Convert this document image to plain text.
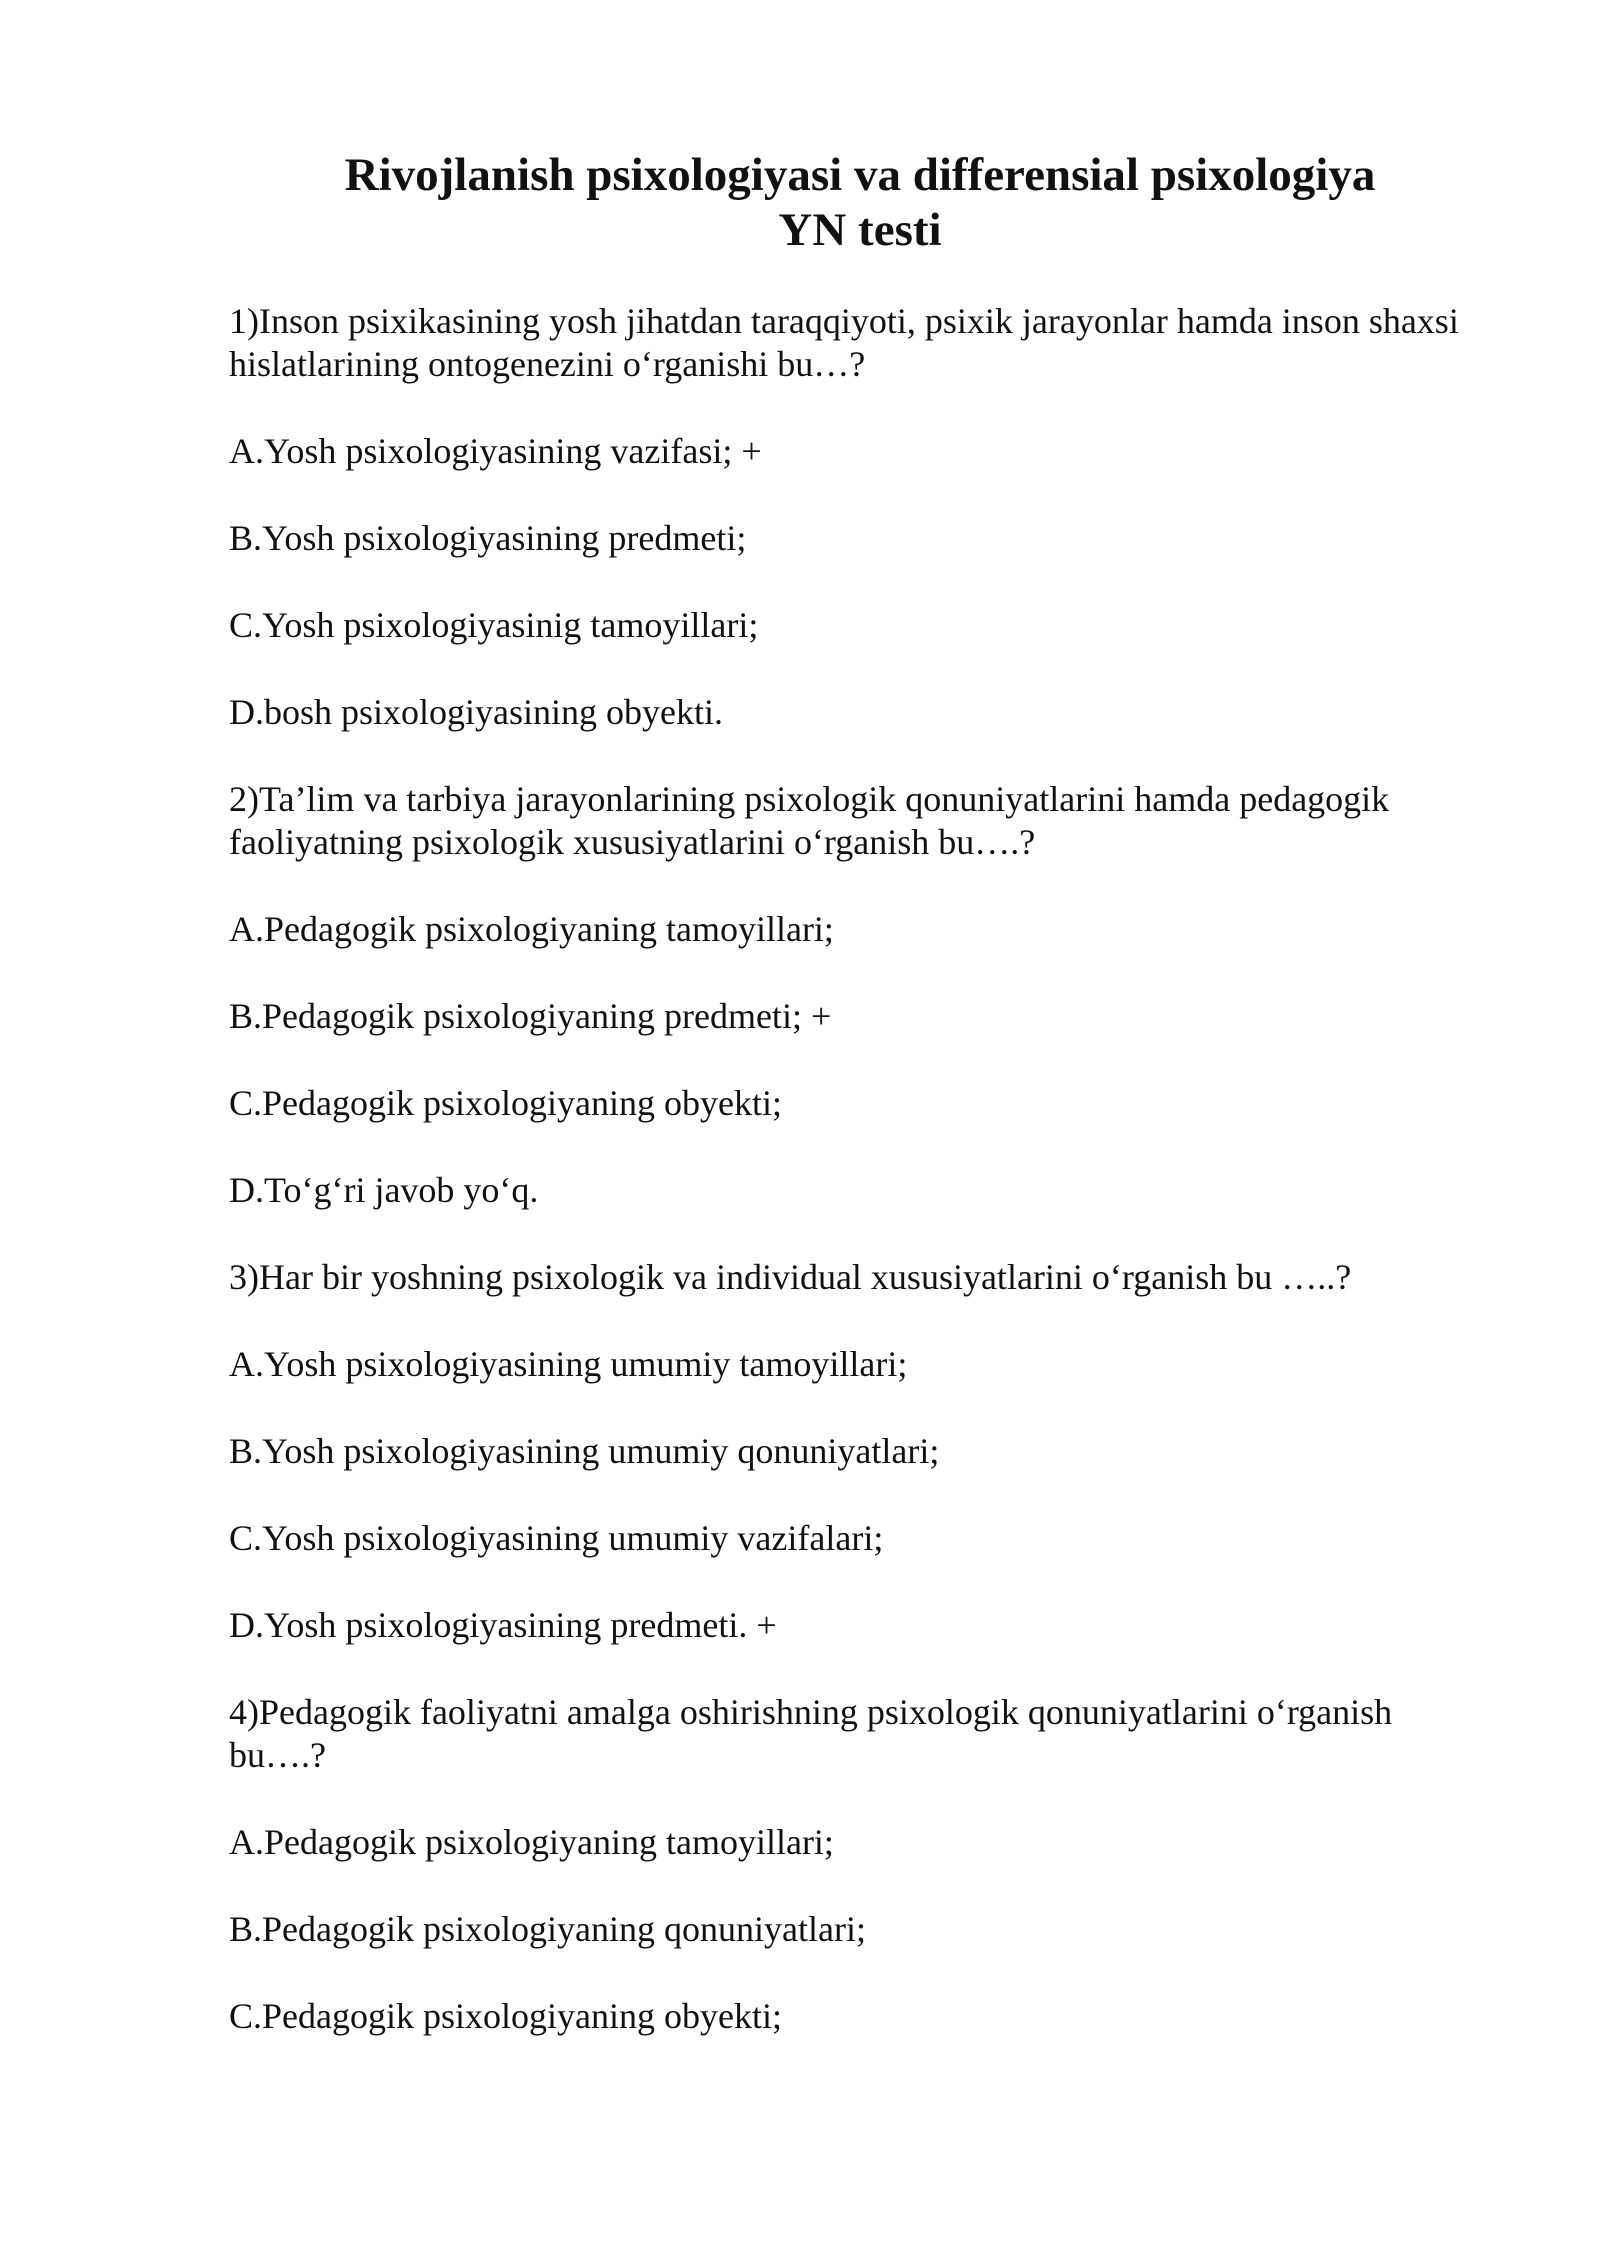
Rivojlanish psixologiyasi va differensial psixologiya
YN testi

1)Inson psixikasining yosh jihatdan taraqqiyoti, psixik jarayonlar hamda inson shaxsi hislatlarining ontogenezini o‘rganishi bu…?

A.Yosh psixologiyasining vazifasi; +

B.Yosh psixologiyasining predmeti;

C.Yosh psixologiyasinig tamoyillari;

D.bosh psixologiyasining obyekti.

2)Ta’lim va tarbiya jarayonlarining psixologik qonuniyatlarini hamda pedagogik faoliyatning psixologik xususiyatlarini o‘rganish bu….?

A.Pedagogik psixologiyaning tamoyillari;

B.Pedagogik psixologiyaning predmeti; +

C.Pedagogik psixologiyaning obyekti;

D.To‘g‘ri javob yo‘q.

3)Har bir yoshning psixologik va individual xususiyatlarini o‘rganish bu …..?

A.Yosh psixologiyasining umumiy tamoyillari;

B.Yosh psixologiyasining umumiy qonuniyatlari;

C.Yosh psixologiyasining umumiy vazifalari;

D.Yosh psixologiyasining predmeti. +

4)Pedagogik faoliyatni amalga oshirishning psixologik qonuniyatlarini o‘rganish bu….?

A.Pedagogik psixologiyaning tamoyillari;

B.Pedagogik psixologiyaning qonuniyatlari;

C.Pedagogik psixologiyaning obyekti;
